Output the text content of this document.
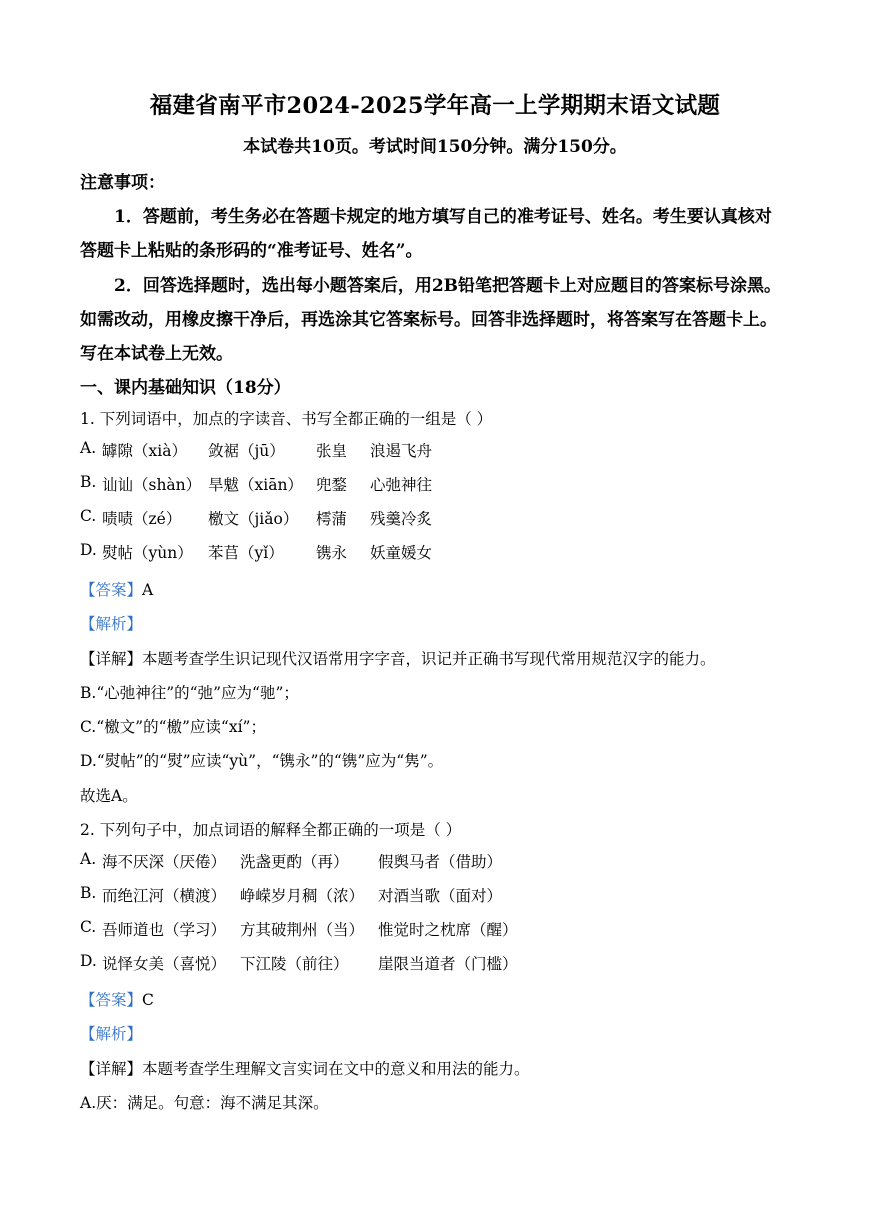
福建省南平市2024-2025学年高一上学期期末语文试题
本试卷共10页。考试时间150分钟。满分150分。
注意事项：
1．答题前，考生务必在答题卡规定的地方填写自己的准考证号、姓名。考生要认真核对
答题卡上粘贴的条形码的“准考证号、姓名”。
2．回答选择题时，选出每小题答案后，用2B铅笔把答题卡上对应题目的答案标号涂黑。
如需改动，用橡皮擦干净后，再选涂其它答案标号。回答非选择题时，将答案写在答题卡上。
写在本试卷上无效。
一、课内基础知识（18分）
1. 下列词语中，加点的字读音、书写全都正确的一组是（ ）
A. 罅隙（xià） 敛裾（jū） 张皇 浪遏飞舟
B. 讪讪（shàn） 旱魃（xiān） 兜鍪 心弛神往
C. 啧啧（zé） 檄文（jiǎo） 樗蒲 残羹冷炙
D. 熨帖（yùn） 苯苢（yǐ） 镌永 妖童媛女
【答案】A
【解析】
【详解】本题考查学生识记现代汉语常用字字音，识记并正确书写现代常用规范汉字的能力。
B.“心弛神往”的“弛”应为“驰”；
C.“檄文”的“檄”应读“xí”；
D.“熨帖”的“熨”应读“yù”，“镌永”的“镌”应为“隽”。
故选A。
2. 下列句子中，加点词语的解释全都正确的一项是（ ）
A. 海不厌深（厌倦） 洗盏更酌（再） 假舆马者（借助）
B. 而绝江河（横渡） 峥嵘岁月稠（浓） 对酒当歌（面对）
C. 吾师道也（学习） 方其破荆州（当） 惟觉时之枕席（醒）
D. 说怿女美（喜悦） 下江陵（前往） 崖限当道者（门槛）
【答案】C
【解析】
【详解】本题考查学生理解文言实词在文中的意义和用法的能力。
A.厌：满足。句意：海不满足其深。
